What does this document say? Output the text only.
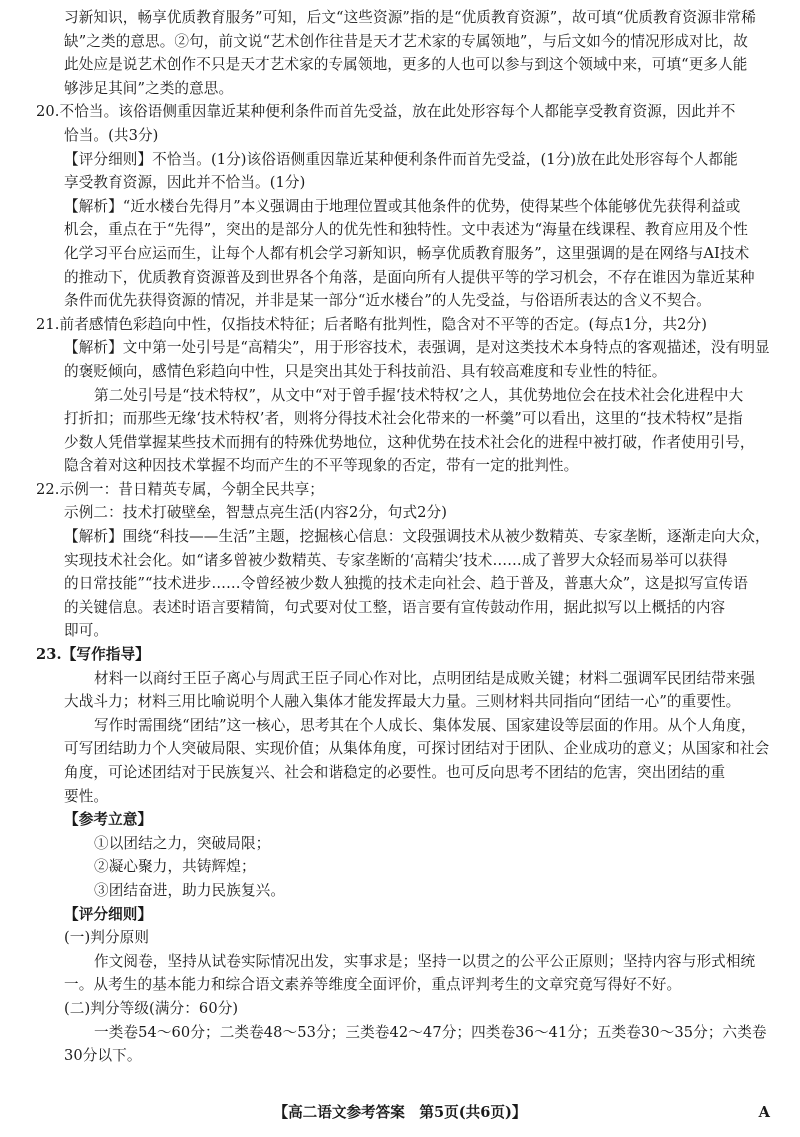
习新知识，畅享优质教育服务”可知，后文“这些资源”指的是“优质教育资源”，故可填“优质教育资源非常稀
缺”之类的意思。②句，前文说“艺术创作往昔是天才艺术家的专属领地”，与后文如今的情况形成对比，故
此处应是说艺术创作不只是天才艺术家的专属领地，更多的人也可以参与到这个领域中来，可填“更多人能
够涉足其间”之类的意思。
20.不恰当。该俗语侧重因靠近某种便利条件而首先受益，放在此处形容每个人都能享受教育资源，因此并不
恰当。(共3分)
【评分细则】不恰当。(1分)该俗语侧重因靠近某种便利条件而首先受益，(1分)放在此处形容每个人都能
享受教育资源，因此并不恰当。(1分)
【解析】“近水楼台先得月”本义强调由于地理位置或其他条件的优势，使得某些个体能够优先获得利益或
机会，重点在于“先得”，突出的是部分人的优先性和独特性。文中表述为“海量在线课程、教育应用及个性
化学习平台应运而生，让每个人都有机会学习新知识，畅享优质教育服务”，这里强调的是在网络与AI技术
的推动下，优质教育资源普及到世界各个角落，是面向所有人提供平等的学习机会，不存在谁因为靠近某种
条件而优先获得资源的情况，并非是某一部分“近水楼台”的人先受益，与俗语所表达的含义不契合。
21.前者感情色彩趋向中性，仅指技术特征；后者略有批判性，隐含对不平等的否定。(每点1分，共2分)
【解析】文中第一处引号是“高精尖”，用于形容技术，表强调，是对这类技术本身特点的客观描述，没有明显
的褒贬倾向，感情色彩趋向中性，只是突出其处于科技前沿、具有较高难度和专业性的特征。
第二处引号是“技术特权”，从文中“对于曾手握‘技术特权’之人，其优势地位会在技术社会化进程中大
打折扣；而那些无缘‘技术特权’者，则将分得技术社会化带来的一杯羹”可以看出，这里的“技术特权”是指
少数人凭借掌握某些技术而拥有的特殊优势地位，这种优势在技术社会化的进程中被打破，作者使用引号，
隐含着对这种因技术掌握不均而产生的不平等现象的否定，带有一定的批判性。
22.示例一：昔日精英专属，今朝全民共享；
示例二：技术打破壁垒，智慧点亮生活(内容2分，句式2分)
【解析】围绕“科技——生活”主题，挖掘核心信息：文段强调技术从被少数精英、专家垄断，逐渐走向大众，
实现技术社会化。如“诸多曾被少数精英、专家垄断的‘高精尖’技术……成了普罗大众轻而易举可以获得
的日常技能”“技术进步……令曾经被少数人独揽的技术走向社会、趋于普及，普惠大众”，这是拟写宣传语
的关键信息。表述时语言要精简，句式要对仗工整，语言要有宣传鼓动作用，据此拟写以上概括的内容
即可。
23.【写作指导】
材料一以商纣王臣子离心与周武王臣子同心作对比，点明团结是成败关键；材料二强调军民团结带来强
大战斗力；材料三用比喻说明个人融入集体才能发挥最大力量。三则材料共同指向“团结一心”的重要性。
写作时需围绕“团结”这一核心，思考其在个人成长、集体发展、国家建设等层面的作用。从个人角度，
可写团结助力个人突破局限、实现价值；从集体角度，可探讨团结对于团队、企业成功的意义；从国家和社会
角度，可论述团结对于民族复兴、社会和谐稳定的必要性。也可反向思考不团结的危害，突出团结的重
要性。
【参考立意】
①以团结之力，突破局限；
②凝心聚力，共铸辉煌；
③团结奋进，助力民族复兴。
【评分细则】
(一)判分原则
作文阅卷，坚持从试卷实际情况出发，实事求是；坚持一以贯之的公平公正原则；坚持内容与形式相统
一。从考生的基本能力和综合语文素养等维度全面评价，重点评判考生的文章究竟写得好不好。
(二)判分等级(满分：60分)
一类卷54～60分；二类卷48～53分；三类卷42～47分；四类卷36～41分；五类卷30～35分；六类卷
30分以下。
【高二语文参考答案　第5页(共6页)】	A
